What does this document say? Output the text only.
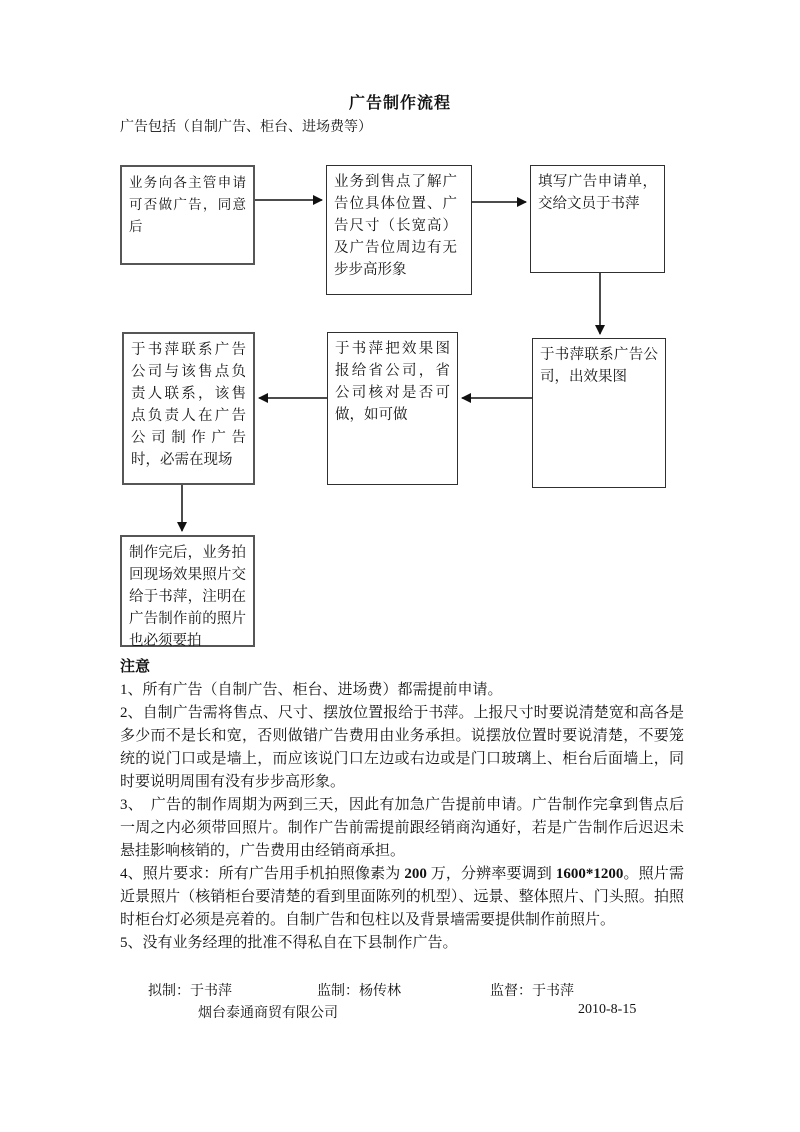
广告制作流程
广告包括（自制广告、柜台、进场费等）
业务向各主管申请可否做广告，同意后
业务到售点了解广告位具体位置、广告尺寸（长宽高）及广告位周边有无步步高形象
填写广告申请单，交给文员于书萍
于书萍联系广告公司与该售点负责人联系，该售点负责人在广告公司制作广告时，必需在现场
于书萍把效果图报给省公司，省公司核对是否可做，如可做
于书萍联系广告公司，出效果图
制作完后，业务拍回现场效果照片交给于书萍，注明在广告制作前的照片也必须要拍
注意

1、所有广告（自制广告、柜台、进场费）都需提前申请。

2、自制广告需将售点、尺寸、摆放位置报给于书萍。上报尺寸时要说清楚宽和高各是多少而不是长和宽，否则做错广告费用由业务承担。说摆放位置时要说清楚，不要笼统的说门口或是墙上，而应该说门口左边或右边或是门口玻璃上、柜台后面墙上，同时要说明周围有没有步步高形象。

3、　广告的制作周期为两到三天，因此有加急广告提前申请。广告制作完拿到售点后一周之内必须带回照片。制作广告前需提前跟经销商沟通好，若是广告制作后迟迟未悬挂影响核销的，广告费用由经销商承担。

4、照片要求：所有广告用手机拍照像素为 200 万，分辨率要调到 1600*1200。照片需近景照片（核销柜台要清楚的看到里面陈列的机型）、远景、整体照片、门头照。拍照时柜台灯必须是亮着的。自制广告和包柱以及背景墙需要提供制作前照片。

5、没有业务经理的批准不得私自在下县制作广告。

拟制：于书萍	监制：杨传林	监督：于书萍
烟台泰通商贸有限公司	2010-8-15
